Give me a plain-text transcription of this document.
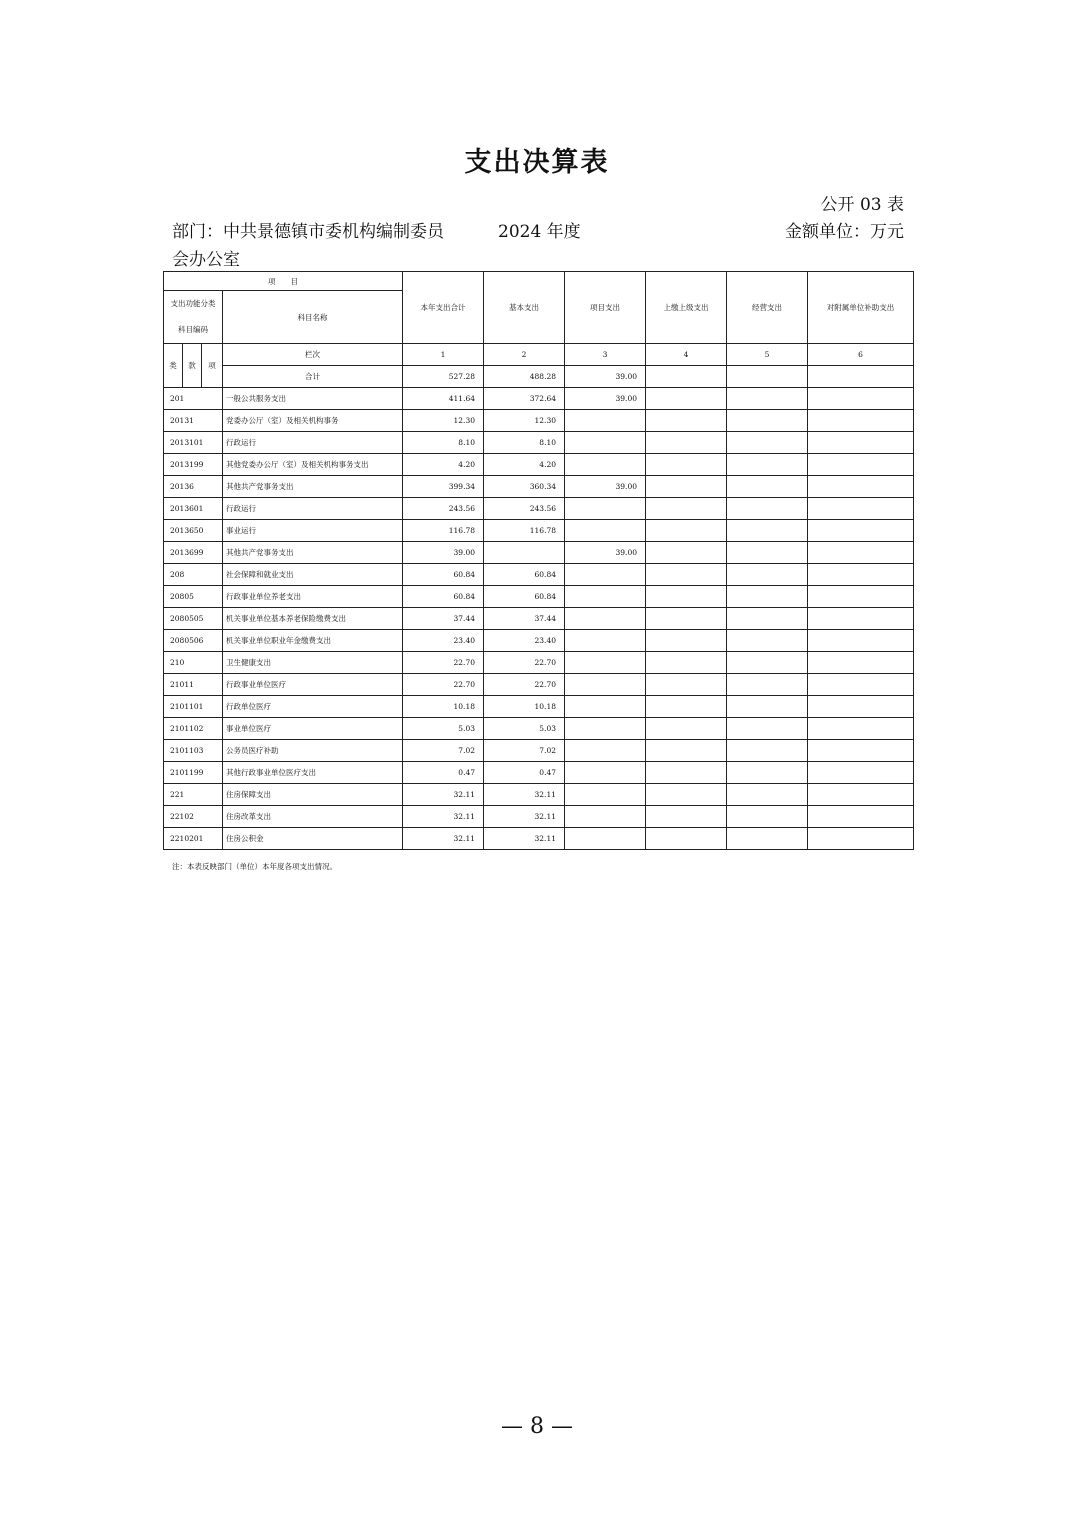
支出决算表
公开 03 表
部门：中共景德镇市委机构编制委员会办公室
2024 年度	金额单位：万元
项　　目				本年支出合计	基本支出	项目支出	上缴上级支出	经营支出	对附属单位补助支出
支出功能分类科目编码			科目名称						

类	款	项	栏次	1	2	3	4	5	6
			合计	527.28	488.28	39.00			
201			一般公共服务支出	411.64	372.64	39.00			
20131			党委办公厅（室）及相关机构事务	12.30	12.30				
2013101			行政运行	8.10	8.10				
2013199			其他党委办公厅（室）及相关机构事务支出	4.20	4.20				
20136			其他共产党事务支出	399.34	360.34	39.00			
2013601			行政运行	243.56	243.56				
2013650			事业运行	116.78	116.78				
2013699			其他共产党事务支出	39.00		39.00			
208			社会保障和就业支出	60.84	60.84				
20805			行政事业单位养老支出	60.84	60.84				
2080505			机关事业单位基本养老保险缴费支出	37.44	37.44				
2080506			机关事业单位职业年金缴费支出	23.40	23.40				
210			卫生健康支出	22.70	22.70				
21011			行政事业单位医疗	22.70	22.70				
2101101			行政单位医疗	10.18	10.18				
2101102			事业单位医疗	5.03	5.03				
2101103			公务员医疗补助	7.02	7.02				
2101199			其他行政事业单位医疗支出	0.47	0.47				
221			住房保障支出	32.11	32.11				
22102			住房改革支出	32.11	32.11				
2210201			住房公积金	32.11	32.11				
注：本表反映部门（单位）本年度各项支出情况。
— 8 —
